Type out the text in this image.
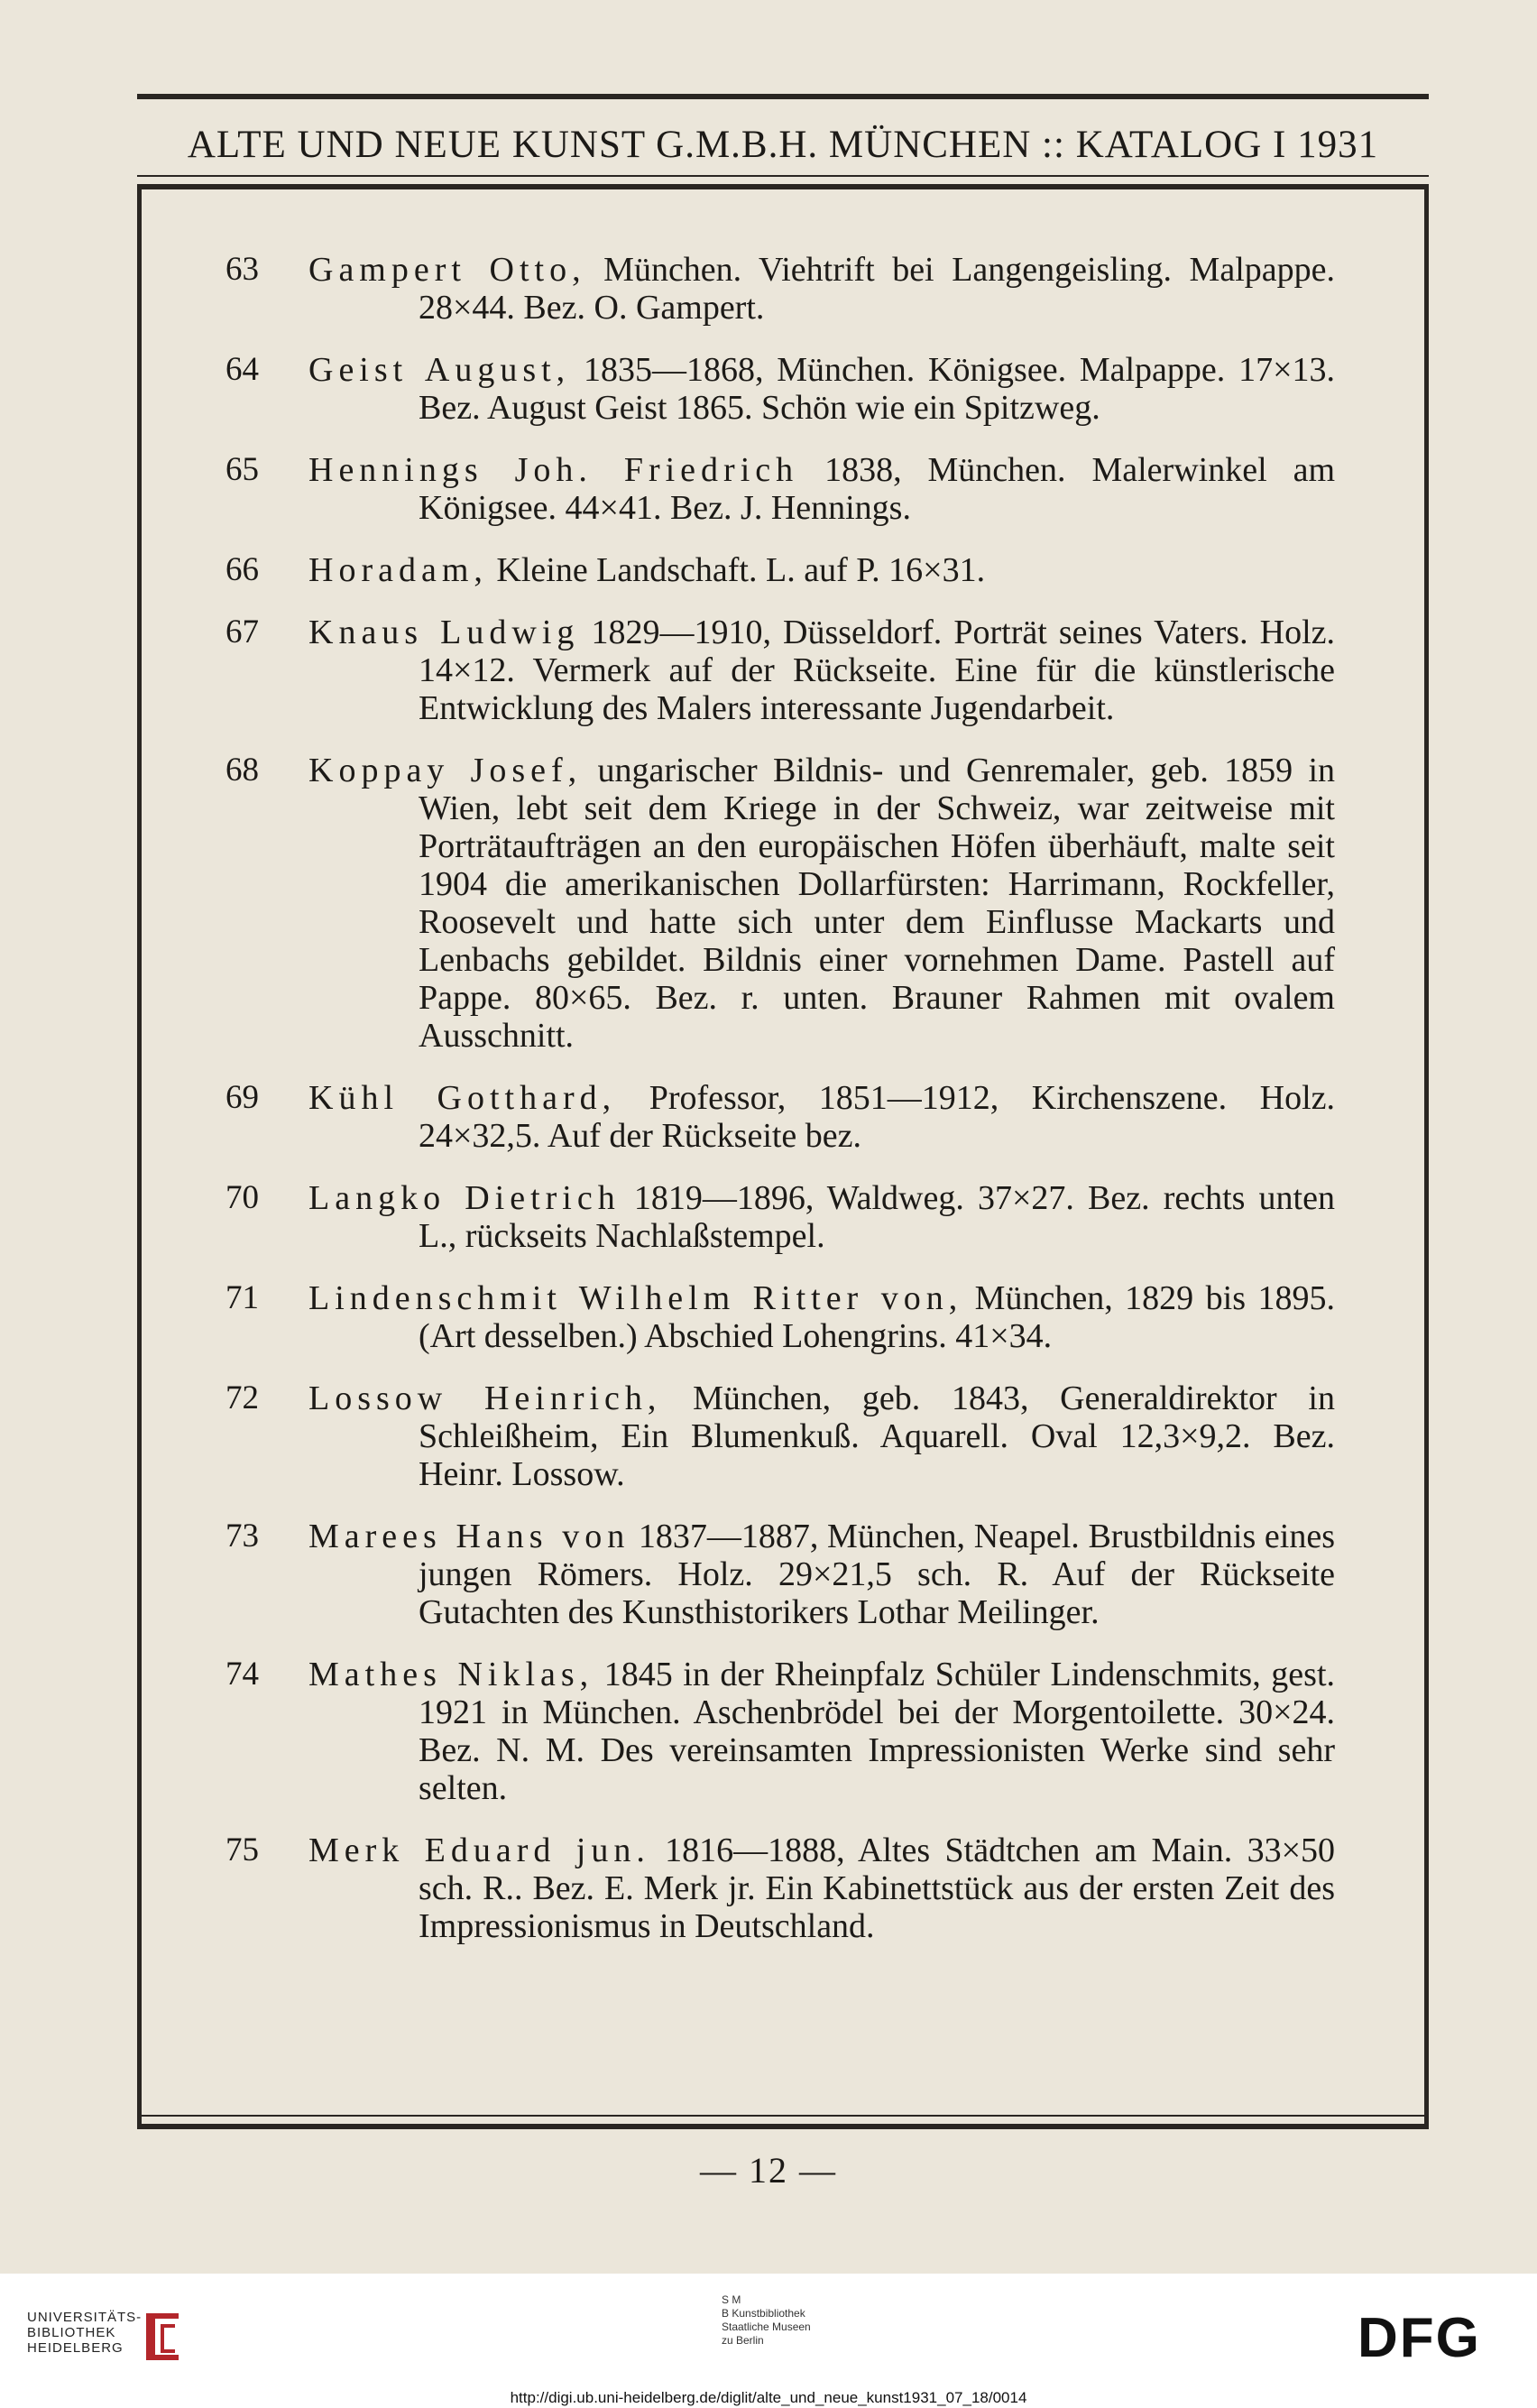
ALTE UND NEUE KUNST G.M.B.H. MÜNCHEN :: KATALOG I 1931
63 Gampert Otto, München. Viehtrift bei Langengeisling. Malpappe. 28×44. Bez. O. Gampert.
64 Geist August, 1835—1868, München. Königsee. Malpappe. 17×13. Bez. August Geist 1865. Schön wie ein Spitzweg.
65 Hennings Joh. Friedrich 1838, München. Malerwinkel am Königsee. 44×41. Bez. J. Hennings.
66 Horadam, Kleine Landschaft. L. auf P. 16×31.
67 Knaus Ludwig 1829—1910, Düsseldorf. Porträt seines Vaters. Holz. 14×12. Vermerk auf der Rückseite. Eine für die künstlerische Entwicklung des Malers interessante Jugendarbeit.
68 Koppay Josef, ungarischer Bildnis- und Genremaler, geb. 1859 in Wien, lebt seit dem Kriege in der Schweiz, war zeitweise mit Porträtaufträgen an den europäischen Höfen überhäuft, malte seit 1904 die amerikanischen Dollarfürsten: Harrimann, Rockfeller, Roosevelt und hatte sich unter dem Einflusse Mackarts und Lenbachs gebildet. Bildnis einer vornehmen Dame. Pastell auf Pappe. 80×65. Bez. r. unten. Brauner Rahmen mit ovalem Ausschnitt.
69 Kühl Gotthard, Professor, 1851—1912, Kirchenszene. Holz. 24×32,5. Auf der Rückseite bez.
70 Langko Dietrich 1819—1896, Waldweg. 37×27. Bez. rechts unten L., rückseits Nachlaßstempel.
71 Lindenschmit Wilhelm Ritter von, München, 1829 bis 1895. (Art desselben.) Abschied Lohengrins. 41×34.
72 Lossow Heinrich, München, geb. 1843, Generaldirektor in Schleißheim, Ein Blumenkuß. Aquarell. Oval 12,3×9,2. Bez. Heinr. Lossow.
73 Marees Hans von 1837—1887, München, Neapel. Brustbildnis eines jungen Römers. Holz. 29×21,5 sch. R. Auf der Rückseite Gutachten des Kunsthistorikers Lothar Meilinger.
74 Mathes Niklas, 1845 in der Rheinpfalz Schüler Lindenschmits, gest. 1921 in München. Aschenbrödel bei der Morgentoilette. 30×24. Bez. N. M. Des vereinsamten Impressionisten Werke sind sehr selten.
75 Merk Eduard jun. 1816—1888, Altes Städtchen am Main. 33×50 sch. R.. Bez. E. Merk jr. Ein Kabinettstück aus der ersten Zeit des Impressionismus in Deutschland.
— 12 —
UNIVERSITÄTS-
BIBLIOTHEK
HEIDELBERG
S M
B Kunstbibliothek
Staatliche Museen
zu Berlin	DFG
http://digi.ub.uni-heidelberg.de/diglit/alte_und_neue_kunst1931_07_18/0014
